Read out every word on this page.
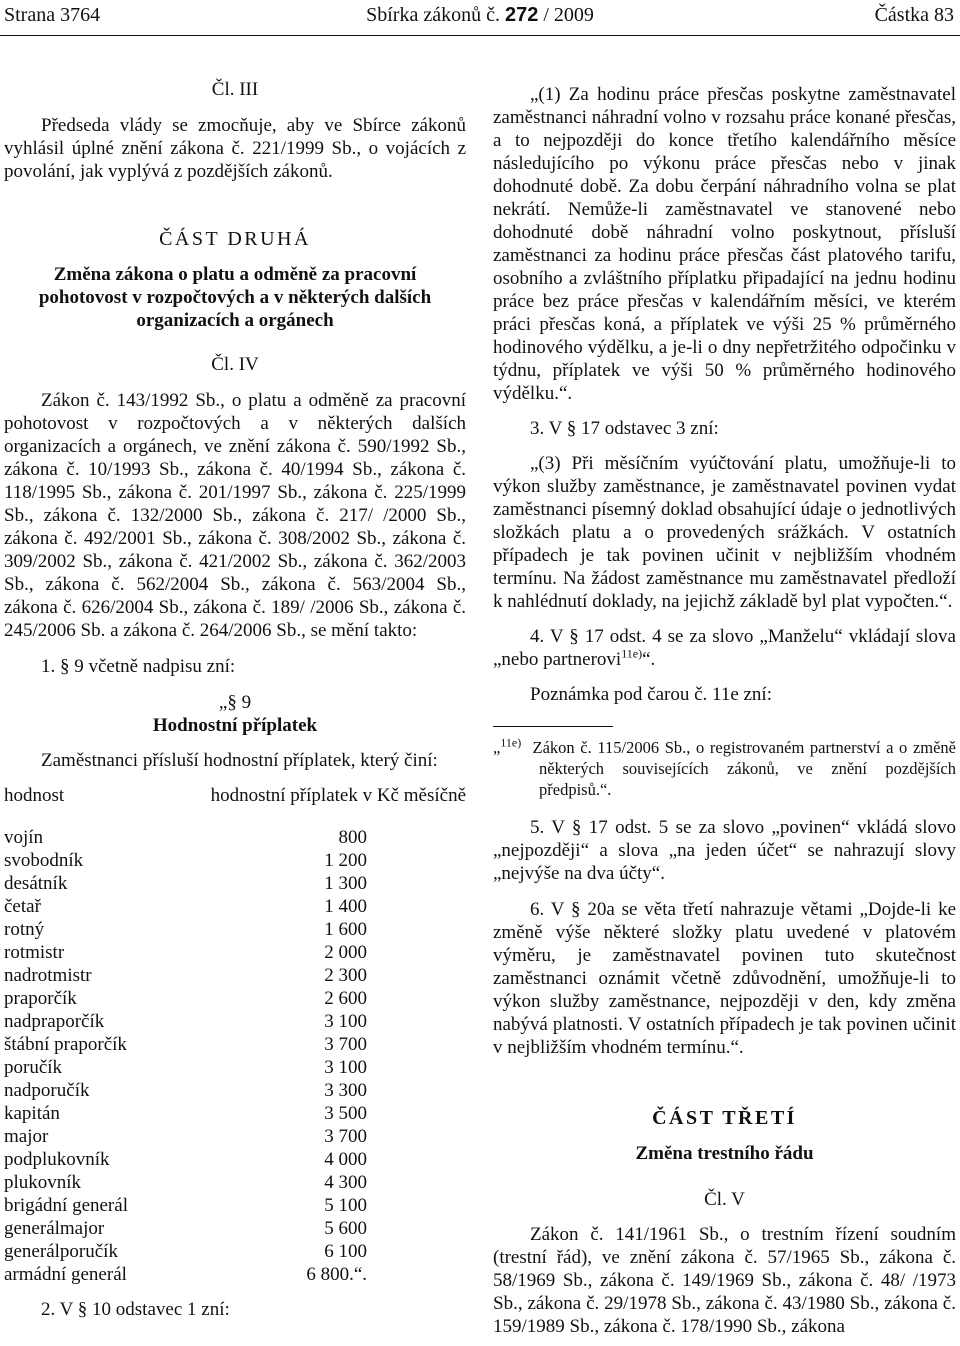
Strana 3764	Sbírka zákonů č. 272 / 2009	Částka 83

Čl. III

Předseda vlády se zmocňuje, aby ve Sbírce zákonů vyhlásil úplné znění zákona č. 221/1999 Sb., o vojácích z povolání, jak vyplývá z pozdějších zákonů.

ČÁST DRUHÁ

Změna zákona o platu a odměně za pracovní pohotovost v rozpočtových a v některých dalších organizacích a orgánech

Čl. IV

Zákon č. 143/1992 Sb., o platu a odměně za pracovní pohotovost v rozpočtových a v některých dalších organizacích a orgánech, ve znění zákona č. 590/1992 Sb., zákona č. 10/1993 Sb., zákona č. 40/1994 Sb., zákona č. 118/1995 Sb., zákona č. 201/1997 Sb., zákona č. 225/1999 Sb., zákona č. 132/2000 Sb., zákona č. 217/ /2000 Sb., zákona č. 492/2001 Sb., zákona č. 308/2002 Sb., zákona č. 309/2002 Sb., zákona č. 421/2002 Sb., zákona č. 362/2003 Sb., zákona č. 562/2004 Sb., zákona č. 563/2004 Sb., zákona č. 626/2004 Sb., zákona č. 189/ /2006 Sb., zákona č. 245/2006 Sb. a zákona č. 264/2006 Sb., se mění takto:

1. § 9 včetně nadpisu zní:

„§ 9

Hodnostní příplatek

Zaměstnanci přísluší hodnostní příplatek, který činí:

hodnost	hodnostní příplatek v Kč měsíčně
vojín	800
svobodník	1 200
desátník	1 300
četař	1 400
rotný	1 600
rotmistr	2 000
nadrotmistr	2 300
praporčík	2 600
nadpraporčík	3 100
štábní praporčík	3 700
poručík	3 100
nadporučík	3 300
kapitán	3 500
major	3 700
podplukovník	4 000
plukovník	4 300
brigádní generál	5 100
generálmajor	5 600
generálporučík	6 100
armádní generál	6 800.“.

2. V § 10 odstavec 1 zní:

„(1) Za hodinu práce přesčas poskytne zaměstnavatel zaměstnanci náhradní volno v rozsahu práce konané přesčas, a to nejpozději do konce třetího kalendářního měsíce následujícího po výkonu práce přesčas nebo v jinak dohodnuté době. Za dobu čerpání náhradního volna se plat nekrátí. Nemůže-li zaměstnavatel ve stanovené nebo dohodnuté době náhradní volno poskytnout, přísluší zaměstnanci za hodinu práce přesčas část platového tarifu, osobního a zvláštního příplatku připadající na jednu hodinu práce bez práce přesčas v kalendářním měsíci, ve kterém práci přesčas koná, a příplatek ve výši 25 % průměrného hodinového výdělku, a je-li o dny nepřetržitého odpočinku v týdnu, příplatek ve výši 50 % průměrného hodinového výdělku.“.

3. V § 17 odstavec 3 zní:

„(3) Při měsíčním vyúčtování platu, umožňuje-li to výkon služby zaměstnance, je zaměstnavatel povinen vydat zaměstnanci písemný doklad obsahující údaje o jednotlivých složkách platu a o provedených srážkách. V ostatních případech je tak povinen učinit v nejbližším vhodném termínu. Na žádost zaměstnance mu zaměstnavatel předloží k nahlédnutí doklady, na jejichž základě byl plat vypočten.“.

4. V § 17 odst. 4 se za slovo „Manželu“ vkládají slova „nebo partnerovi$^{11e)}$“.

Poznámka pod čarou č. 11e zní:

„$^{11e)}$ Zákon č. 115/2006 Sb., o registrovaném partnerství a o změně některých souvisejících zákonů, ve znění pozdějších předpisů.“.

5. V § 17 odst. 5 se za slovo „povinen“ vkládá slovo „nejpozději“ a slova „na jeden účet“ se nahrazují slovy „nejvýše na dva účty“.

6. V § 20a se věta třetí nahrazuje větami „Dojde-li ke změně výše některé složky platu uvedené v platovém výměru, je zaměstnavatel povinen tuto skutečnost zaměstnanci oznámit včetně zdůvodnění, umožňuje-li to výkon služby zaměstnance, nejpozději v den, kdy změna nabývá platnosti. V ostatních případech je tak povinen učinit v nejbližším vhodném termínu.“.

ČÁST TŘETÍ

Změna trestního řádu

Čl. V

Zákon č. 141/1961 Sb., o trestním řízení soudním (trestní řád), ve znění zákona č. 57/1965 Sb., zákona č. 58/1969 Sb., zákona č. 149/1969 Sb., zákona č. 48/ /1973 Sb., zákona č. 29/1978 Sb., zákona č. 43/1980 Sb., zákona č. 159/1989 Sb., zákona č. 178/1990 Sb., zákona
